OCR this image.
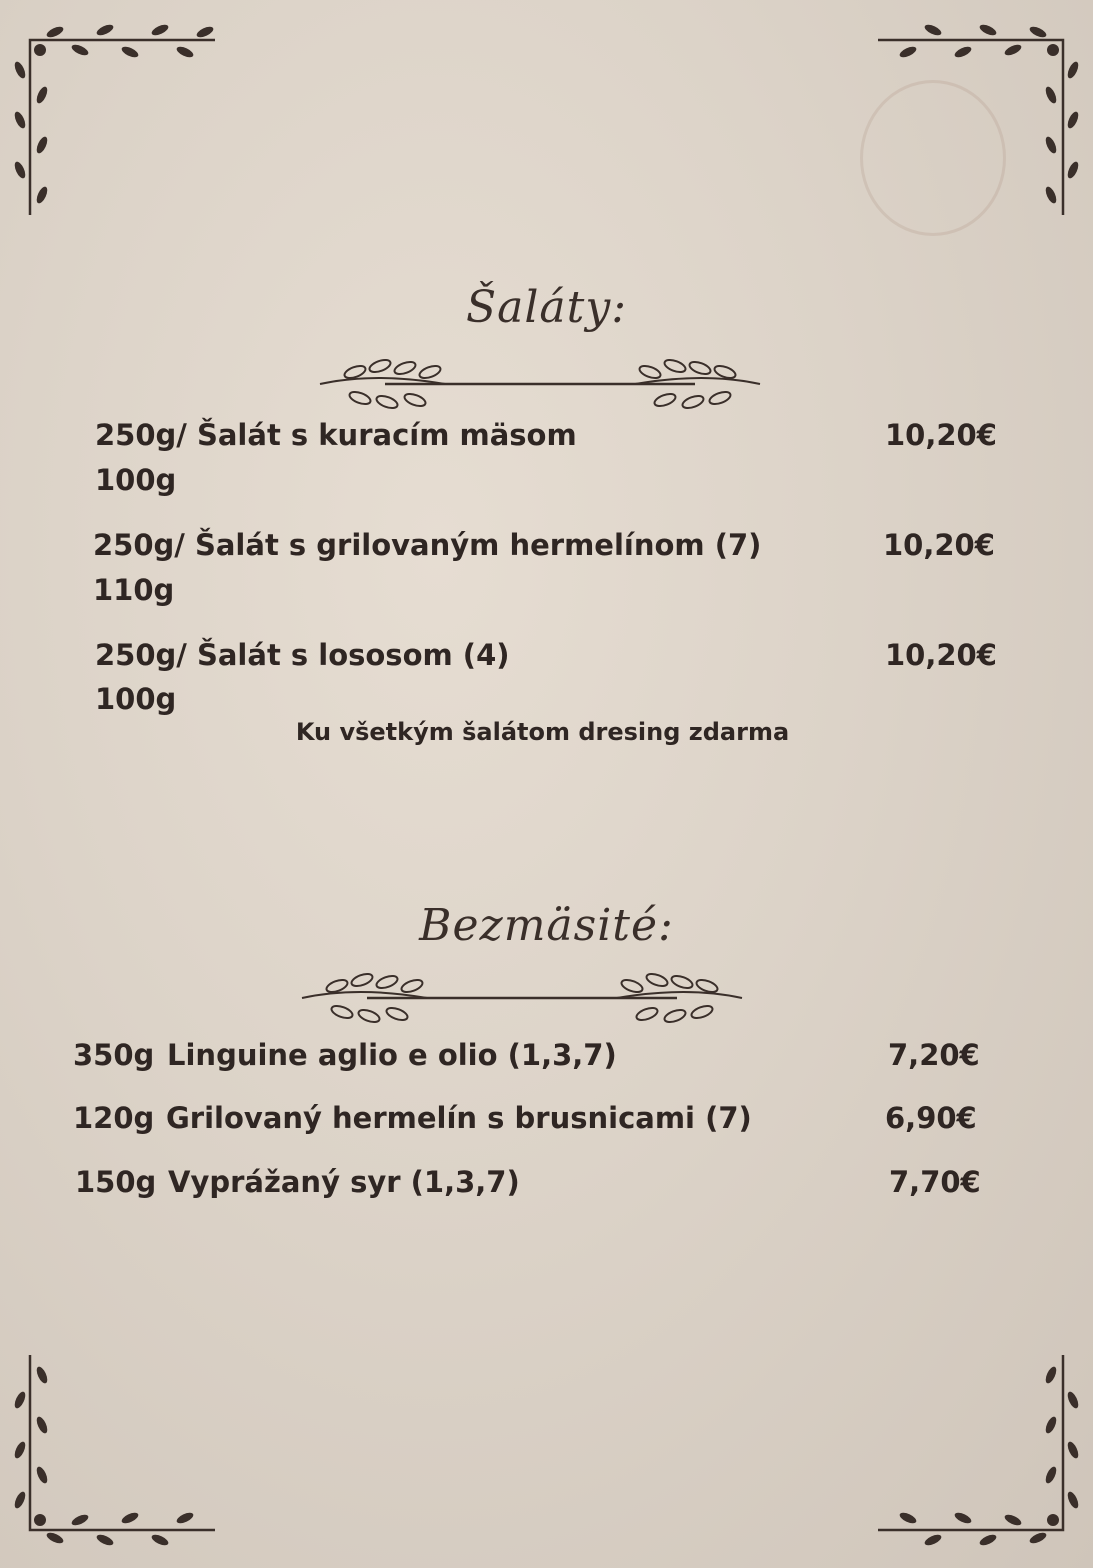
Šaláty:
250g/ Šalát s kuracím mäsom	10,20€
100g
250g/ Šalát s grilovaným hermelínom (7)	10,20€
110g
250g/ Šalát s lososom (4)	10,20€
100g
Ku všetkým šalátom dresing zdarma
Bezmäsité:
350g Linguine aglio e olio (1,3,7)	7,20€
120g Grilovaný hermelín s brusnicami (7)	6,90€
150g Vyprážaný syr (1,3,7)	7,70€
